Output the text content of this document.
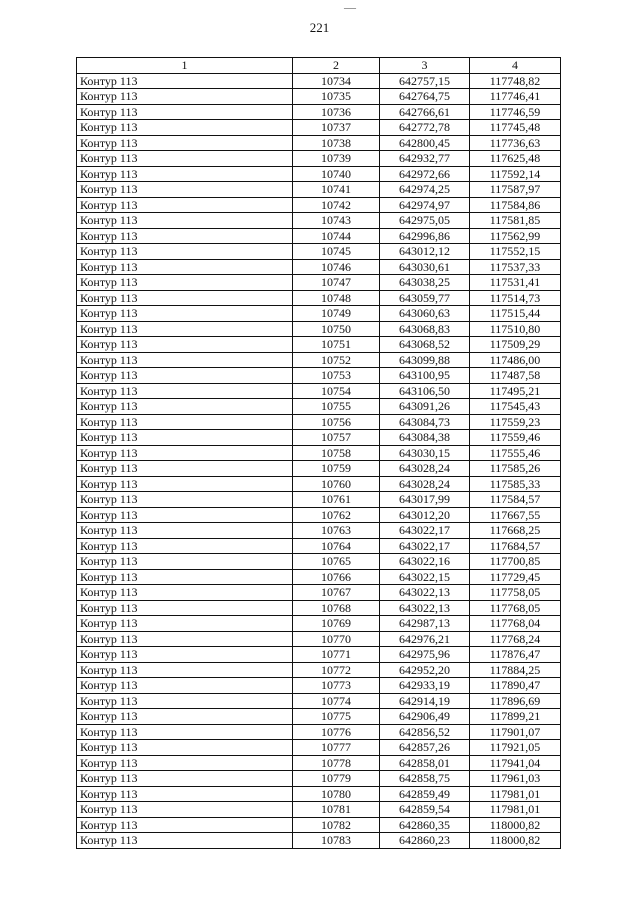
—
221
1	2	3	4
Контур 113	10734	642757,15	117748,82
Контур 113	10735	642764,75	117746,41
Контур 113	10736	642766,61	117746,59
Контур 113	10737	642772,78	117745,48
Контур 113	10738	642800,45	117736,63
Контур 113	10739	642932,77	117625,48
Контур 113	10740	642972,66	117592,14
Контур 113	10741	642974,25	117587,97
Контур 113	10742	642974,97	117584,86
Контур 113	10743	642975,05	117581,85
Контур 113	10744	642996,86	117562,99
Контур 113	10745	643012,12	117552,15
Контур 113	10746	643030,61	117537,33
Контур 113	10747	643038,25	117531,41
Контур 113	10748	643059,77	117514,73
Контур 113	10749	643060,63	117515,44
Контур 113	10750	643068,83	117510,80
Контур 113	10751	643068,52	117509,29
Контур 113	10752	643099,88	117486,00
Контур 113	10753	643100,95	117487,58
Контур 113	10754	643106,50	117495,21
Контур 113	10755	643091,26	117545,43
Контур 113	10756	643084,73	117559,23
Контур 113	10757	643084,38	117559,46
Контур 113	10758	643030,15	117555,46
Контур 113	10759	643028,24	117585,26
Контур 113	10760	643028,24	117585,33
Контур 113	10761	643017,99	117584,57
Контур 113	10762	643012,20	117667,55
Контур 113	10763	643022,17	117668,25
Контур 113	10764	643022,17	117684,57
Контур 113	10765	643022,16	117700,85
Контур 113	10766	643022,15	117729,45
Контур 113	10767	643022,13	117758,05
Контур 113	10768	643022,13	117768,05
Контур 113	10769	642987,13	117768,04
Контур 113	10770	642976,21	117768,24
Контур 113	10771	642975,96	117876,47
Контур 113	10772	642952,20	117884,25
Контур 113	10773	642933,19	117890,47
Контур 113	10774	642914,19	117896,69
Контур 113	10775	642906,49	117899,21
Контур 113	10776	642856,52	117901,07
Контур 113	10777	642857,26	117921,05
Контур 113	10778	642858,01	117941,04
Контур 113	10779	642858,75	117961,03
Контур 113	10780	642859,49	117981,01
Контур 113	10781	642859,54	117981,01
Контур 113	10782	642860,35	118000,82
Контур 113	10783	642860,23	118000,82
